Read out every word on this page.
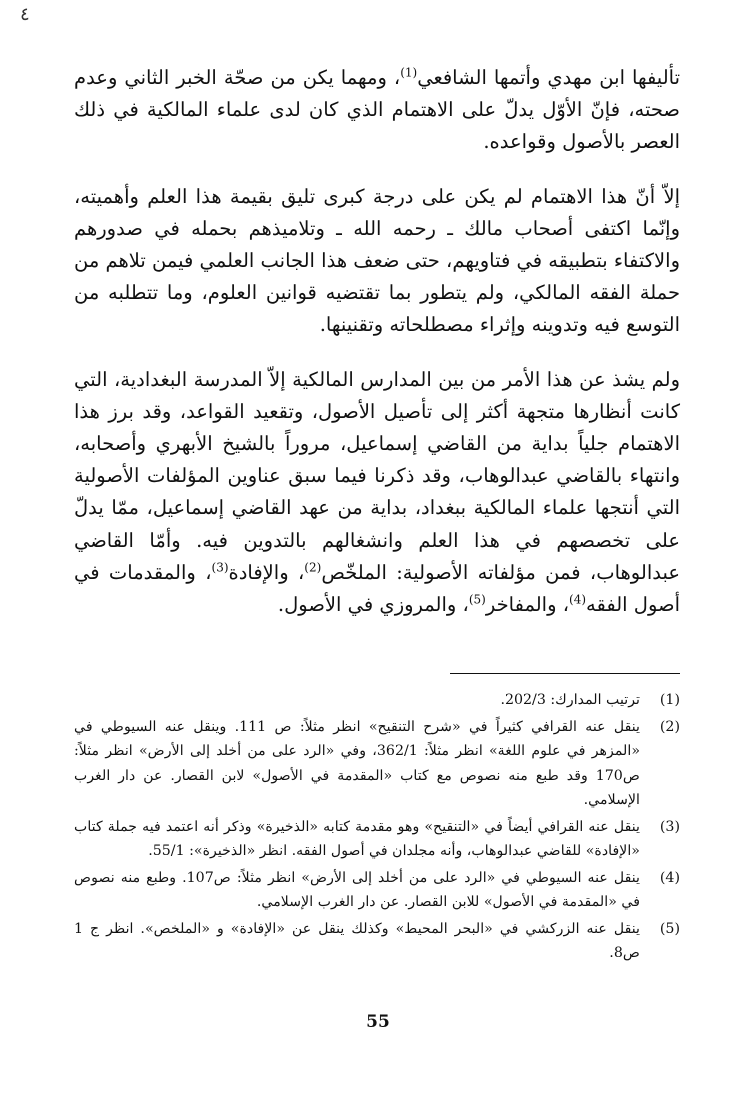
٤

تأليفها ابن مهدي وأتمها الشافعي$^{(1)}$، ومهما يكن من صحّة الخبر الثاني وعدم صحته، فإنّ الأوّل يدلّ على الاهتمام الذي كان لدى علماء المالكية في ذلك العصر بالأصول وقواعده.

إلاّ أنّ هذا الاهتمام لم يكن على درجة كبرى تليق بقيمة هذا العلم وأهميته، وإنّما اكتفى أصحاب مالك ـ رحمه الله ـ وتلاميذهم بحمله في صدورهم والاكتفاء بتطبيقه في فتاويهم، حتى ضعف هذا الجانب العلمي فيمن تلاهم من حملة الفقه المالكي، ولم يتطور بما تقتضيه قوانين العلوم، وما تتطلبه من التوسع فيه وتدوينه وإثراء مصطلحاته وتقنينها.

ولم يشذ عن هذا الأمر من بين المدارس المالكية إلاّ المدرسة البغدادية، التي كانت أنظارها متجهة أكثر إلى تأصيل الأصول، وتقعيد القواعد، وقد برز هذا الاهتمام جلياً بداية من القاضي إسماعيل، مروراً بالشيخ الأبهري وأصحابه، وانتهاء بالقاضي عبدالوهاب، وقد ذكرنا فيما سبق عناوين المؤلفات الأصولية التي أنتجها علماء المالكية ببغداد، بداية من عهد القاضي إسماعيل، ممّا يدلّ على تخصصهم في هذا العلم وانشغالهم بالتدوين فيه. وأمّا القاضي عبدالوهاب، فمن مؤلفاته الأصولية: الملخّص$^{(2)}$، والإفادة$^{(3)}$، والمقدمات في أصول الفقه$^{(4)}$، والمفاخر$^{(5)}$، والمروزي في الأصول.

(1)
ترتيب المدارك: 202/3.
(2)
ينقل عنه القرافي كثيراً في «شرح التنقيح» انظر مثلاً: ص 111. وينقل عنه السيوطي في «المزهر في علوم اللغة» انظر مثلاً: 362/1، وفي «الرد على من أخلد إلى الأرض» انظر مثلاً: ص170 وقد طبع منه نصوص مع كتاب «المقدمة في الأصول» لابن القصار. عن دار الغرب الإسلامي.
(3)
ينقل عنه القرافي أيضاً في «التنقيح» وهو مقدمة كتابه «الذخيرة» وذكر أنه اعتمد فيه جملة كتاب «الإفادة» للقاضي عبدالوهاب، وأنه مجلدان في أصول الفقه. انظر «الذخيرة»: 55/1.
(4)
ينقل عنه السيوطي في «الرد على من أخلد إلى الأرض» انظر مثلاً: ص107. وطبع منه نصوص في «المقدمة في الأصول» للابن القصار. عن دار الغرب الإسلامي.
(5)
ينقل عنه الزركشي في «البحر المحيط» وكذلك ينقل عن «الإفادة» و «الملخص». انظر ج 1 ص8.
55
